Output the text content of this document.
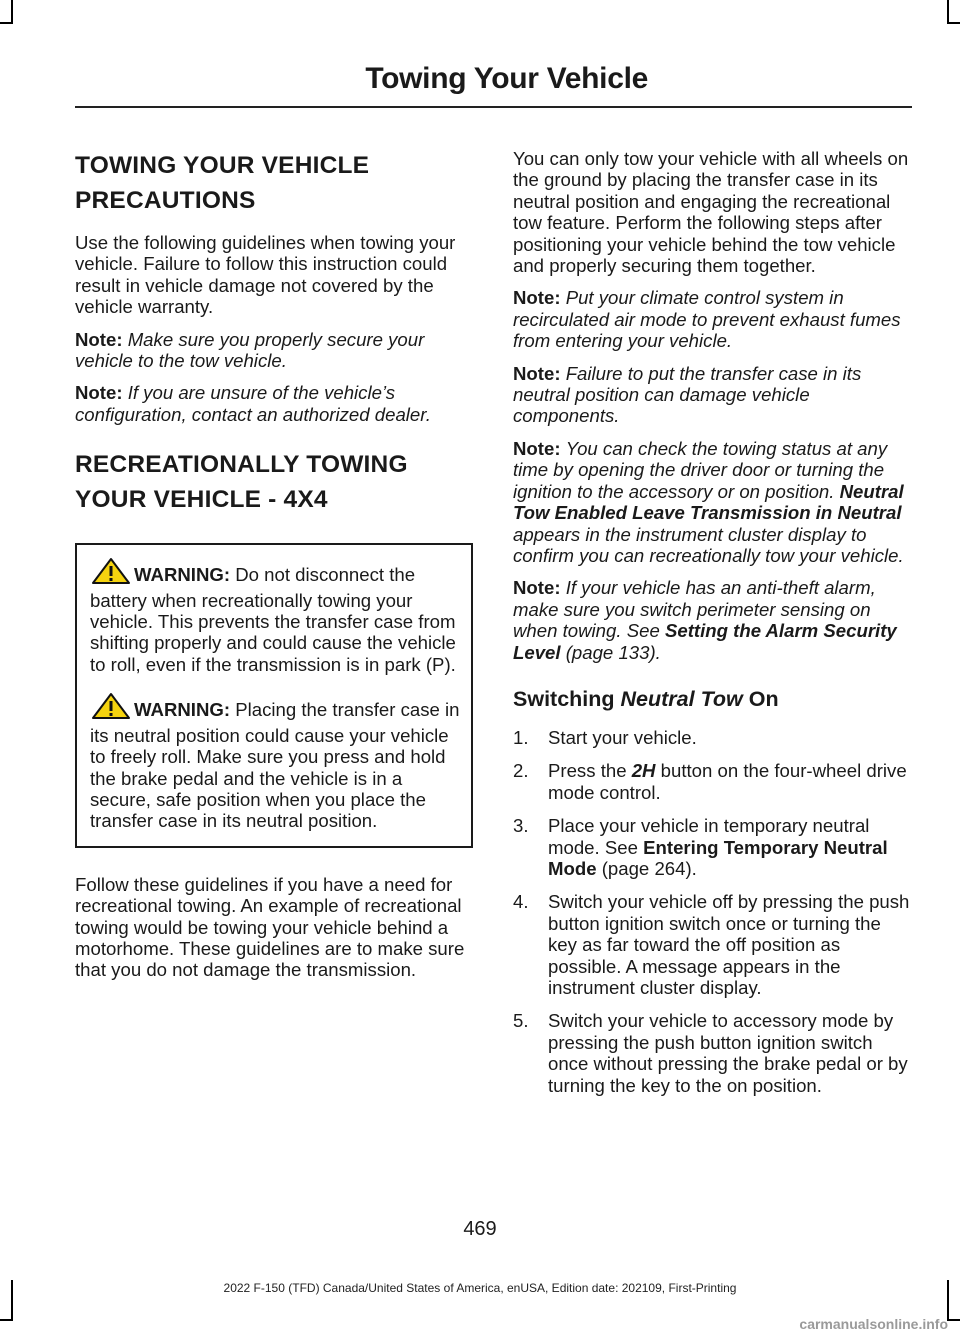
Towing Your Vehicle
TOWING YOUR VEHICLE
PRECAUTIONS

Use the following guidelines when towing your vehicle. Failure to follow this instruction could result in vehicle damage not covered by the vehicle warranty.

Note: Make sure you properly secure your vehicle to the tow vehicle.

Note: If you are unsure of the vehicle’s configuration, contact an authorized dealer.

RECREATIONALLY TOWING
YOUR VEHICLE - 4X4

WARNING: Do not disconnect the battery when recreationally towing your vehicle. This prevents the transfer case from shifting properly and could cause the vehicle to roll, even if the transmission is in park (P).

WARNING: Placing the transfer case in its neutral position could cause your vehicle to freely roll. Make sure you press and hold the brake pedal and the vehicle is in a secure, safe position when you place the transfer case in its neutral position.

Follow these guidelines if you have a need for recreational towing. An example of recreational towing would be towing your vehicle behind a motorhome. These guidelines are to make sure that you do not damage the transmission.

You can only tow your vehicle with all wheels on the ground by placing the transfer case in its neutral position and engaging the recreational tow feature. Perform the following steps after positioning your vehicle behind the tow vehicle and properly securing them together.

Note: Put your climate control system in recirculated air mode to prevent exhaust fumes from entering your vehicle.

Note: Failure to put the transfer case in its neutral position can damage vehicle components.

Note: You can check the towing status at any time by opening the driver door or turning the ignition to the accessory or on position. Neutral Tow Enabled Leave Transmission in Neutral appears in the instrument cluster display to confirm you can recreationally tow your vehicle.

Note: If your vehicle has an anti-theft alarm, make sure you switch perimeter sensing on when towing. See Setting the Alarm Security Level (page 133).

Switching Neutral Tow On
1. Start your vehicle.
2. Press the 2H button on the four-wheel drive mode control.
3. Place your vehicle in temporary neutral mode. See Entering Temporary Neutral Mode (page 264).
4. Switch your vehicle off by pressing the push button ignition switch once or turning the key as far toward the off position as possible. A message appears in the instrument cluster display.
5. Switch your vehicle to accessory mode by pressing the push button ignition switch once without pressing the brake pedal or by turning the key to the on position.
469
2022 F-150 (TFD) Canada/United States of America, enUSA, Edition date: 202109, First-Printing
carmanualsonline.info
